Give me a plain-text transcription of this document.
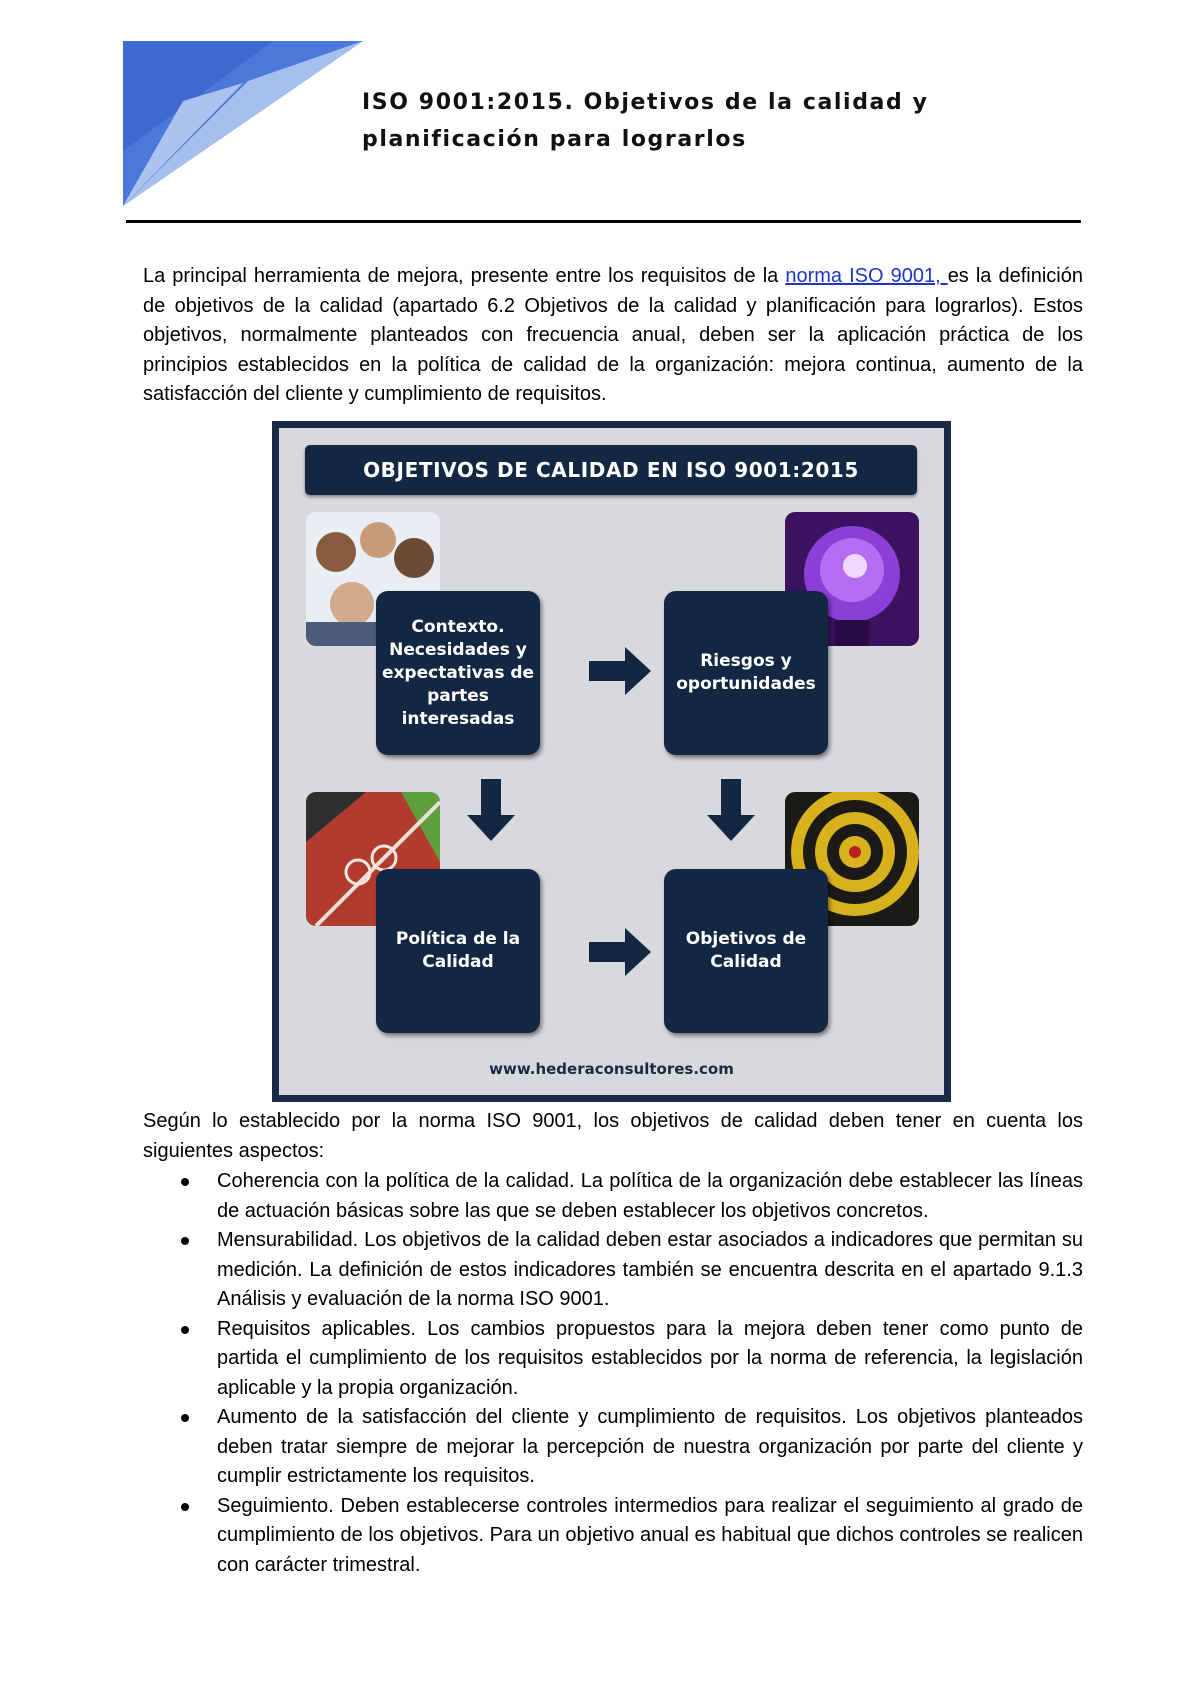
ISO 9001:2015. Objetivos de la calidad y planificación para lograrlos

La principal herramienta de mejora, presente entre los requisitos de la norma ISO 9001, es la definición de objetivos de la calidad (apartado 6.2 Objetivos de la calidad y planificación para lograrlos). Estos objetivos, normalmente planteados con frecuencia anual, deben ser la aplicación práctica de los principios establecidos en la política de calidad de la organización: mejora continua, aumento de la satisfacción del cliente y cumplimiento de requisitos.

OBJETIVOS DE CALIDAD EN ISO 9001:2015
Contexto.
Necesidades y
expectativas de
partes
interesadas
Riesgos y
oportunidades
Política de la
Calidad
Objetivos de
Calidad
www.hederaconsultores.com

Según lo establecido por la norma ISO 9001, los objetivos de calidad deben tener en cuenta los siguientes aspectos:

Coherencia con la política de la calidad. La política de la organización debe establecer las líneas de actuación básicas sobre las que se deben establecer los objetivos concretos.
Mensurabilidad. Los objetivos de la calidad deben estar asociados a indicadores que permitan su medición. La definición de estos indicadores también se encuentra descrita en el apartado 9.1.3 Análisis y evaluación de la norma ISO 9001.
Requisitos aplicables. Los cambios propuestos para la mejora deben tener como punto de partida el cumplimiento de los requisitos establecidos por la norma de referencia, la legislación aplicable y la propia organización.
Aumento de la satisfacción del cliente y cumplimiento de requisitos. Los objetivos planteados deben tratar siempre de mejorar la percepción de nuestra organización por parte del cliente y cumplir estrictamente los requisitos.
Seguimiento. Deben establecerse controles intermedios para realizar el seguimiento al grado de cumplimiento de los objetivos. Para un objetivo anual es habitual que dichos controles se realicen con carácter trimestral.
